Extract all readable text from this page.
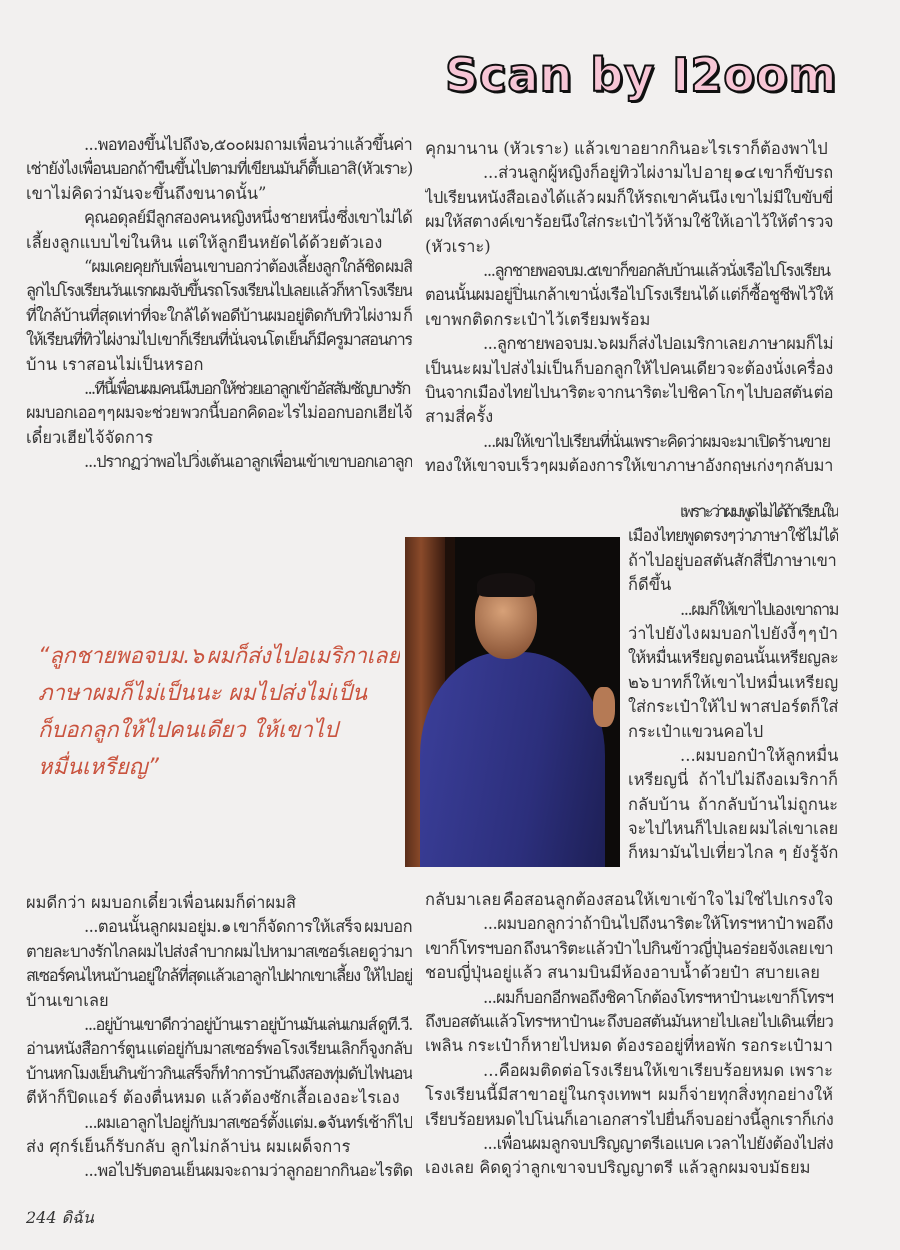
Scan by I2oom
...พอทองขึ้นไปถึง ๖,๕๐๐ ผมถามเพื่อนว่าแล้วขึ้นค่า
เช่ายังไง เพื่อนบอกถ้าขืนขึ้นไปตามที่เขียนมันก็ตื้บเอาสิ (หัวเราะ)
เขาไม่คิดว่ามันจะขึ้นถึงขนาดนั้น”
คุณอดุลย์มีลูกสองคน หญิงหนึ่ง ชายหนึ่ง ซึ่งเขาไม่ได้
เลี้ยงลูกแบบไข่ในหิน แต่ให้ลูกยืนหยัดได้ด้วยตัวเอง
“ผมเคยคุยกับเพื่อน เขาบอกว่าต้องเลี้ยงลูกใกล้ชิด ผมสิ
ลูกไปโรงเรียนวันแรกผมจับขึ้นรถโรงเรียนไปเลย แล้วก็หาโรงเรียน
ที่ใกล้บ้านที่สุดเท่าที่จะใกล้ได้ พอดีบ้านผมอยู่ติดกับทิวไผ่งาม ก็
ให้เรียนที่ทิวไผ่งามไป เขาก็เรียนที่นั่นจนโต เย็นก็มีครูมาสอนการ
บ้าน เราสอนไม่เป็นหรอก
...ทีนี้เพื่อนผมคนนึงบอกให้ช่วยเอาลูกเข้าอัสสัมชัญบางรัก
ผมบอกเออ ๆ ๆ ผมจะช่วย พวกนี้บอกคิดอะไรไม่ออกบอกเฮียไจ้
เดี๋ยวเฮียไจ้จัดการ
...ปรากฏว่าพอไปวิ่งเต้นเอาลูกเพื่อนเข้า เขาบอกเอาลูก
ผมดีกว่า ผมบอกเดี๋ยวเพื่อนผมก็ด่าผมสิ
...ตอนนั้นลูกผมอยู่ม.๑ เขาก็จัดการให้เสร็จ ผมบอก
ตายละ บางรักไกล ผมไปส่งลำบาก ผมไปหามาสเซอร์เลย ดูว่ามา
สเซอร์คนไหนบ้านอยู่ใกล้ที่สุดแล้วเอาลูกไปฝากเขาเลี้ยง ให้ไปอยู่
บ้านเขาเลย
...อยู่บ้านเขาดีกว่าอยู่บ้านเรา อยู่บ้านมันเล่นเกมส์ ดูที.วี.
อ่านหนังสือการ์ตูน แต่อยู่กับมาสเซอร์พอโรงเรียนเลิกก็จูงกลับ
บ้าน หกโมงเย็นกินข้าว กินเสร็จก็ทำการบ้านถึงสองทุ่ม ดับไฟนอน
ตีห้าก็ปิดแอร์ ต้องตื่นหมด แล้วต้องซักเสื้อเองอะไรเอง
...ผมเอาลูกไปอยู่กับมาสเซอร์ตั้งแต่ม.๑ จันทร์เช้าก็ไป
ส่ง ศุกร์เย็นก็รับกลับ ลูกไม่กล้าบ่น ผมเผด็จการ
...พอไปรับตอนเย็นผมจะถามว่าลูกอยากกินอะไร ติด
คุกมานาน (หัวเราะ) แล้วเขาอยากกินอะไรเราก็ต้องพาไป
...ส่วนลูกผู้หญิงก็อยู่ทิวไผ่งามไป อายุ ๑๔ เขาก็ขับรถ
ไปเรียนหนังสือเองได้แล้ว ผมก็ให้รถเขาคันนึง เขาไม่มีใบขับขี่
ผมให้สตางค์เขาร้อยนึงใส่กระเป๋าไว้ห้ามใช้ ให้เอาไว้ให้ตำรวจ
(หัวเราะ)
...ลูกชายพอจบม.๕เขาก็ขอกลับบ้านแล้วนั่งเรือไปโรงเรียน
ตอนนั้นผมอยู่ปิ่นเกล้าเขานั่งเรือไปโรงเรียนได้ แต่ก็ซื้อชูชีพไว้ให้
เขาพกติดกระเป๋าไว้เตรียมพร้อม
...ลูกชายพอจบม.๖ ผมก็ส่งไปอเมริกาเลย ภาษาผมก็ไม่
เป็นนะ ผมไปส่งไม่เป็น ก็บอกลูกให้ไปคนเดียว จะต้องนั่งเครื่อง
บินจากเมืองไทยไปนาริตะ จากนาริตะไปชิคาโก ๆ ไปบอสตัน ต่อ
สามสี่ครั้ง
...ผมให้เขาไปเรียนที่นั่นเพราะคิดว่าผมจะมาเปิดร้านขาย
ทอง ให้เขาจบเร็ว ๆ ผมต้องการให้เขาภาษาอังกฤษเก่ง ๆ กลับมา
เพราะว่าผมพูดไม่ได้ ถ้าเรียนใน
เมืองไทยพูดตรง ๆ ว่าภาษาใช้ไม่ได้
ถ้าไปอยู่บอสตันสักสี่ปีภาษาเขา
ก็ดีขึ้น
...ผมก็ให้เขาไปเอง เขาถาม
ว่าไปยังไง ผมบอกไปยังงี้ ๆ ๆ ป๋า
ให้หมื่นเหรียญ ตอนนั้นเหรียญละ
๒๖ บาทก็ให้เขาไปหมื่นเหรียญ
ใส่กระเป๋าให้ไป พาสปอร์ตก็ใส่
กระเป๋าแขวนคอไป
...ผมบอกป๋าให้ลูกหมื่น
เหรียญนี่ ถ้าไปไม่ถึงอเมริกาก็
กลับบ้าน ถ้ากลับบ้านไม่ถูกนะ
จะไปไหนก็ไปเลย ผมไล่เขาเลย
ก็หมามันไปเที่ยวไกล ๆ ยังรู้จัก
กลับมาเลย คือสอนลูกต้องสอนให้เขาเข้าใจ ไม่ใช่ไปเกรงใจ
...ผมบอกลูกว่าถ้าบินไปถึงนาริตะให้โทรฯหาป๋า พอถึง
เขาก็โทรฯบอก ถึงนาริตะแล้วป๋า ไปกินข้าวญี่ปุ่นอร่อยจังเลย เขา
ชอบญี่ปุ่นอยู่แล้ว สนามบินมีห้องอาบน้ำด้วยป๋า สบายเลย
...ผมก็บอกอีก พอถึงชิคาโกต้องโทรฯหาป๋านะ เขาก็โทรฯ
ถึงบอสตันแล้วโทรฯหาป๋านะ ถึงบอสตันมันหายไปเลย ไปเดินเที่ยว
เพลิน กระเป๋าก็หายไปหมด ต้องรออยู่ที่หอพัก รอกระเป๋ามา
...คือผมติดต่อโรงเรียนให้เขาเรียบร้อยหมด เพราะ
โรงเรียนนี้มีสาขาอยู่ในกรุงเทพฯ ผมก็จ่ายทุกสิ่งทุกอย่างให้
เรียบร้อยหมด ไปโน่นก็เอาเอกสารไปยื่นก็จบ อย่างนี้ลูกเราก็เก่ง
...เพื่อนผมลูกจบปริญญาตรีเอแบค เวลาไปยังต้องไปส่ง
เองเลย คิดดูว่าลูกเขาจบปริญญาตรี แล้วลูกผมจบมัธยม
“ลูกชายพอจบม.๖ ผมก็ส่งไปอเมริกาเลย
ภาษาผมก็ไม่เป็นนะ ผมไปส่งไม่เป็น
ก็บอกลูกให้ไปคนเดียว ให้เขาไป
หมื่นเหรียญ”
244 ดิฉัน
